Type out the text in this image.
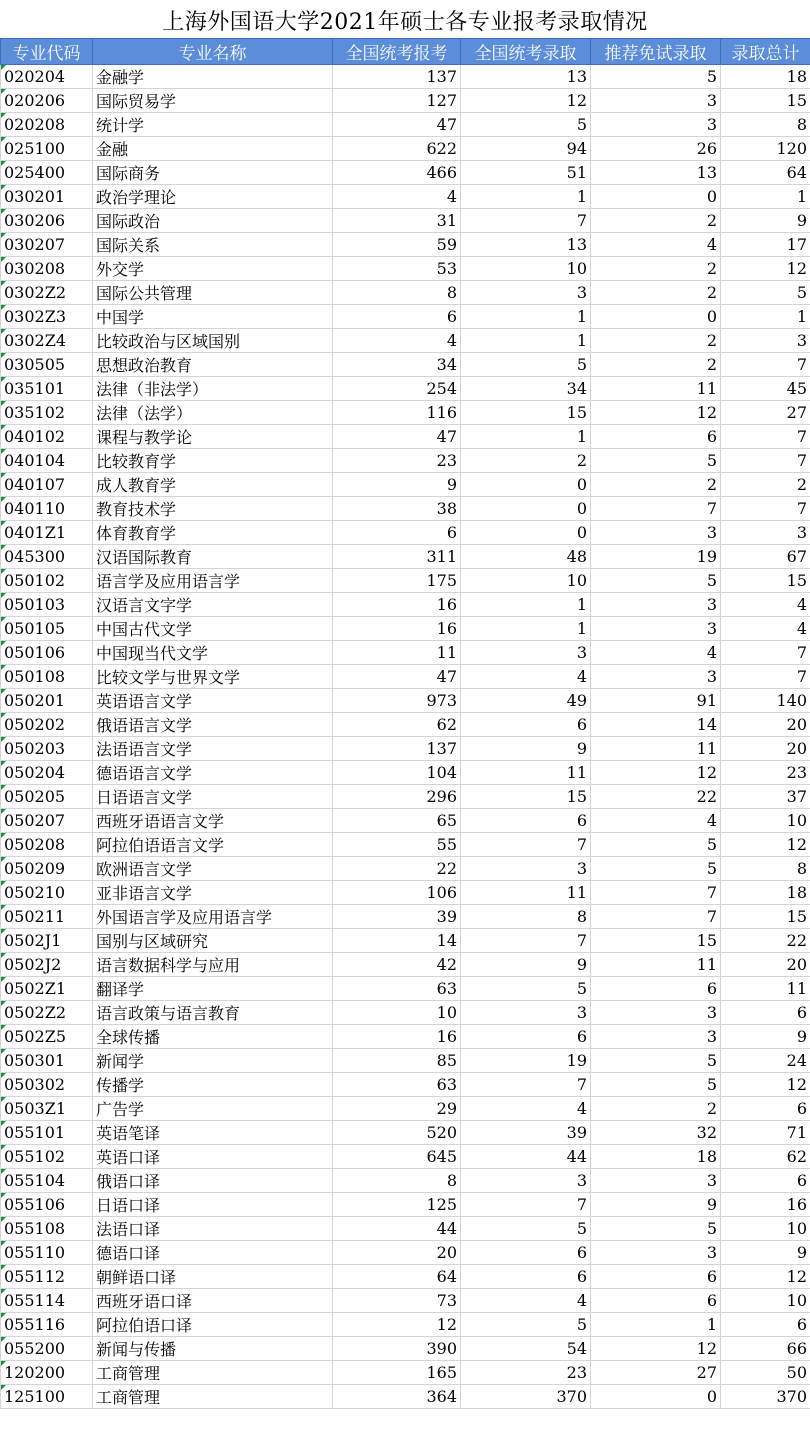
上海外国语大学2021年硕士各专业报考录取情况
专业代码	专业名称	全国统考报考	全国统考录取	推荐免试录取	录取总计
020204	金融学	137	13	5	18
020206	国际贸易学	127	12	3	15
020208	统计学	47	5	3	8
025100	金融	622	94	26	120
025400	国际商务	466	51	13	64
030201	政治学理论	4	1	0	1
030206	国际政治	31	7	2	9
030207	国际关系	59	13	4	17
030208	外交学	53	10	2	12
0302Z2	国际公共管理	8	3	2	5
0302Z3	中国学	6	1	0	1
0302Z4	比较政治与区域国别	4	1	2	3
030505	思想政治教育	34	5	2	7
035101	法律（非法学）	254	34	11	45
035102	法律（法学）	116	15	12	27
040102	课程与教学论	47	1	6	7
040104	比较教育学	23	2	5	7
040107	成人教育学	9	0	2	2
040110	教育技术学	38	0	7	7
0401Z1	体育教育学	6	0	3	3
045300	汉语国际教育	311	48	19	67
050102	语言学及应用语言学	175	10	5	15
050103	汉语言文字学	16	1	3	4
050105	中国古代文学	16	1	3	4
050106	中国现当代文学	11	3	4	7
050108	比较文学与世界文学	47	4	3	7
050201	英语语言文学	973	49	91	140
050202	俄语语言文学	62	6	14	20
050203	法语语言文学	137	9	11	20
050204	德语语言文学	104	11	12	23
050205	日语语言文学	296	15	22	37
050207	西班牙语语言文学	65	6	4	10
050208	阿拉伯语语言文学	55	7	5	12
050209	欧洲语言文学	22	3	5	8
050210	亚非语言文学	106	11	7	18
050211	外国语言学及应用语言学	39	8	7	15
0502J1	国别与区域研究	14	7	15	22
0502J2	语言数据科学与应用	42	9	11	20
0502Z1	翻译学	63	5	6	11
0502Z2	语言政策与语言教育	10	3	3	6
0502Z5	全球传播	16	6	3	9
050301	新闻学	85	19	5	24
050302	传播学	63	7	5	12
0503Z1	广告学	29	4	2	6
055101	英语笔译	520	39	32	71
055102	英语口译	645	44	18	62
055104	俄语口译	8	3	3	6
055106	日语口译	125	7	9	16
055108	法语口译	44	5	5	10
055110	德语口译	20	6	3	9
055112	朝鲜语口译	64	6	6	12
055114	西班牙语口译	73	4	6	10
055116	阿拉伯语口译	12	5	1	6
055200	新闻与传播	390	54	12	66
120200	工商管理	165	23	27	50
125100	工商管理	364	370	0	370
